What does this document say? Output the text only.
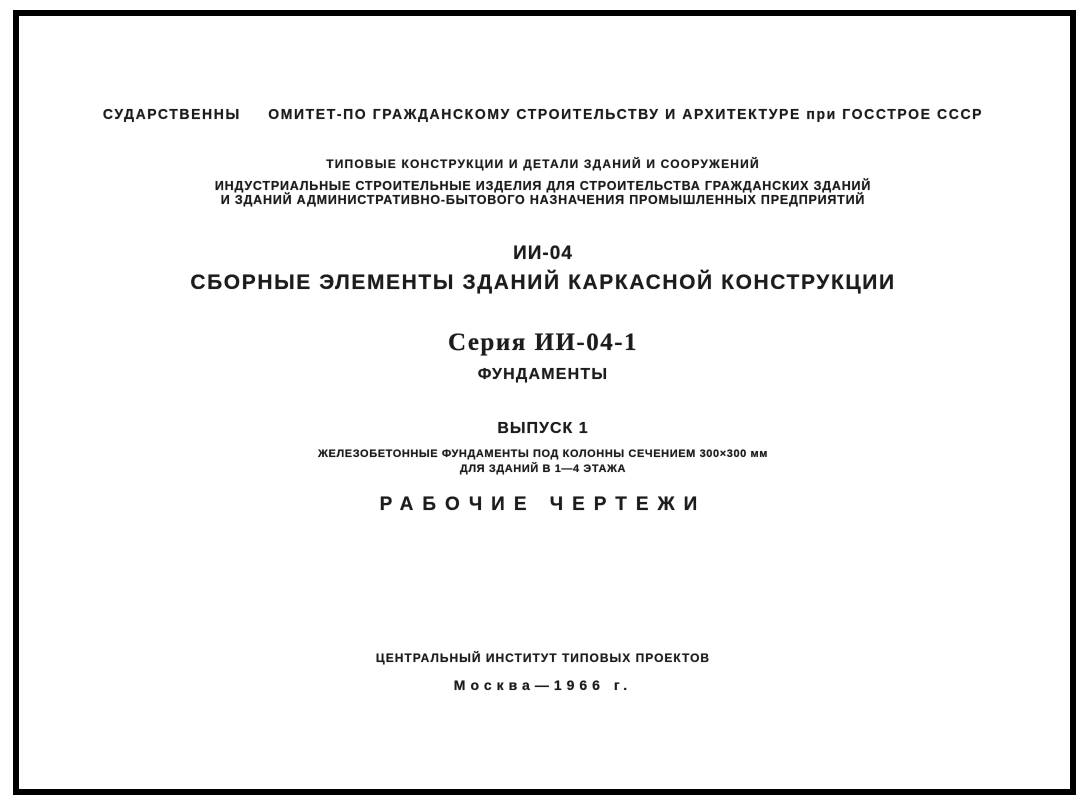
СУДАРСТВЕННЫ     ОМИТЕТ-ПО ГРАЖДАНСКОМУ СТРОИТЕЛЬСТВУ И АРХИТЕКТУРЕ при ГОССТРОЕ СССР
ТИПОВЫЕ КОНСТРУКЦИИ И ДЕТАЛИ ЗДАНИЙ И СООРУЖЕНИЙ
ИНДУСТРИАЛЬНЫЕ СТРОИТЕЛЬНЫЕ ИЗДЕЛИЯ ДЛЯ СТРОИТЕЛЬСТВА ГРАЖДАНСКИХ ЗДАНИЙ
И ЗДАНИЙ АДМИНИСТРАТИВНО-БЫТОВОГО НАЗНАЧЕНИЯ ПРОМЫШЛЕННЫХ ПРЕДПРИЯТИЙ
ИИ-04
СБОРНЫЕ ЭЛЕМЕНТЫ ЗДАНИЙ КАРКАСНОЙ КОНСТРУКЦИИ
Серия ИИ-04-1
ФУНДАМЕНТЫ
ВЫПУСК 1
ЖЕЛЕЗОБЕТОННЫЕ ФУНДАМЕНТЫ ПОД КОЛОННЫ СЕЧЕНИЕМ 300×300 мм
ДЛЯ ЗДАНИЙ В 1—4 ЭТАЖА
РАБОЧИЕ ЧЕРТЕЖИ
ЦЕНТРАЛЬНЫЙ ИНСТИТУТ ТИПОВЫХ ПРОЕКТОВ
Москва—1966 г.
